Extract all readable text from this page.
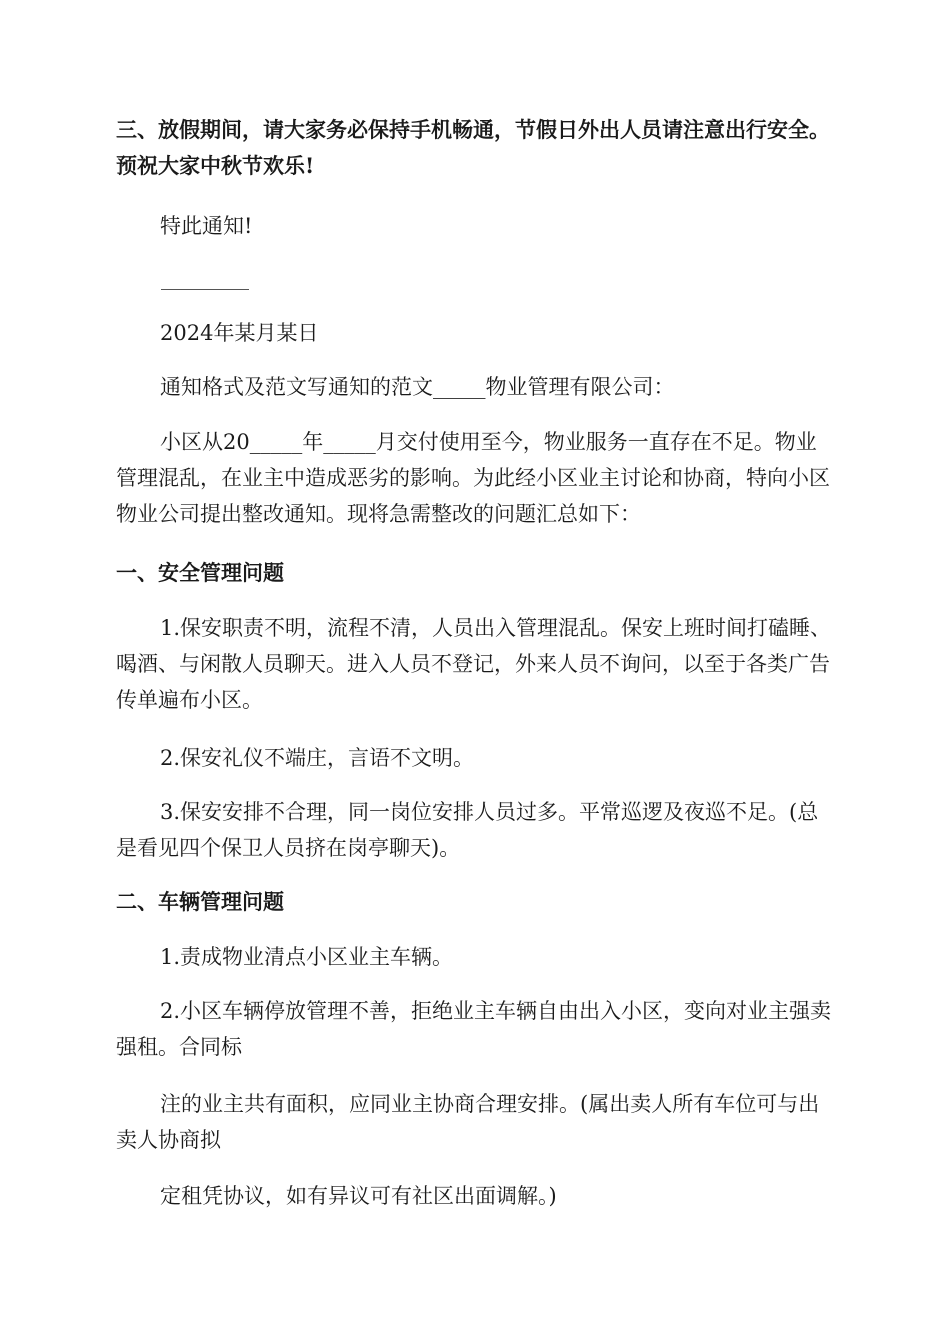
三、放假期间，请大家务必保持手机畅通，节假日外出人员请注意出行安全。预祝大家中秋节欢乐!

特此通知!

2024年某月某日

通知格式及范文写通知的范文_____物业管理有限公司：

小区从20_____年_____月交付使用至今，物业服务一直存在不足。物业管理混乱，在业主中造成恶劣的影响。为此经小区业主讨论和协商，特向小区物业公司提出整改通知。现将急需整改的问题汇总如下：

一、安全管理问题

1.保安职责不明，流程不清，人员出入管理混乱。保安上班时间打磕睡、喝酒、与闲散人员聊天。进入人员不登记，外来人员不询问，以至于各类广告传单遍布小区。

2.保安礼仪不端庄，言语不文明。

3.保安安排不合理，同一岗位安排人员过多。平常巡逻及夜巡不足。(总是看见四个保卫人员挤在岗亭聊天)。

二、车辆管理问题

1.责成物业清点小区业主车辆。

2.小区车辆停放管理不善，拒绝业主车辆自由出入小区，变向对业主强卖强租。合同标

注的业主共有面积，应同业主协商合理安排。(属出卖人所有车位可与出卖人协商拟

定租凭协议，如有异议可有社区出面调解。)
